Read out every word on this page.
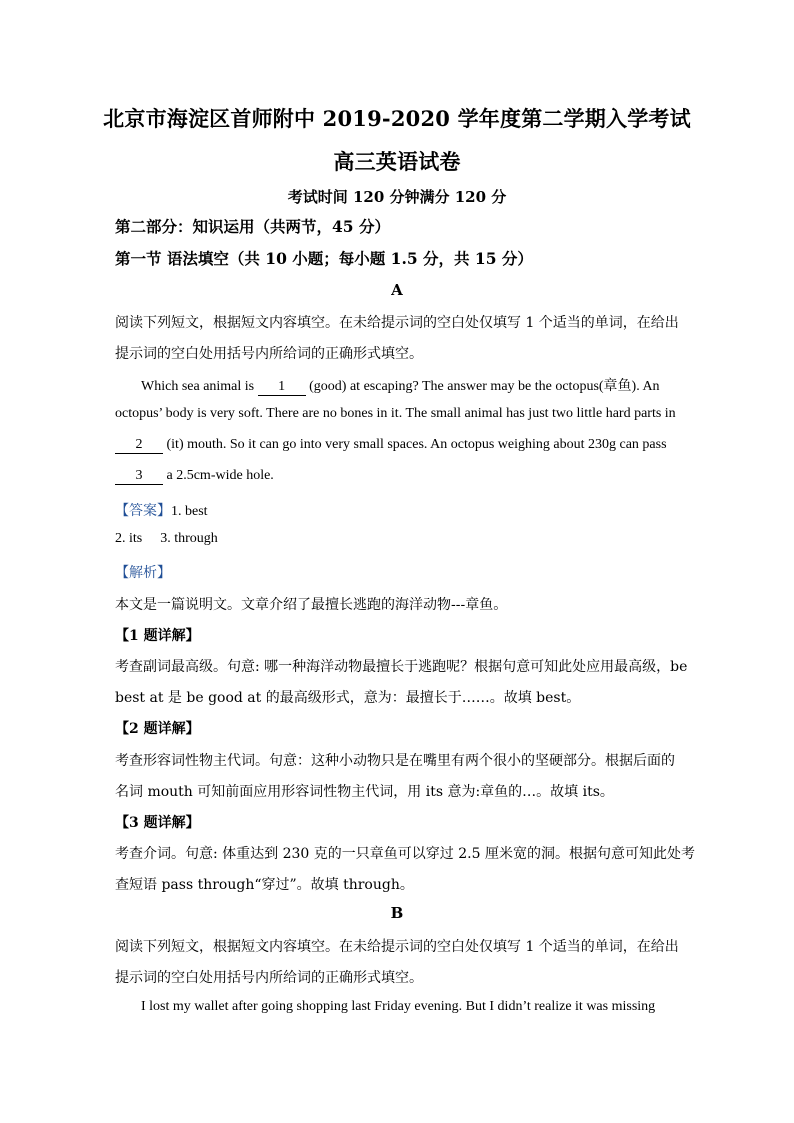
北京市海淀区首师附中 2019-2020 学年度第二学期入学考试
高三英语试卷
考试时间 120 分钟满分 120 分
第二部分：知识运用（共两节，45 分）
第一节 语法填空（共 10 小题；每小题 1.5 分，共 15 分）
A
阅读下列短文，根据短文内容填空。在未给提示词的空白处仅填写 1 个适当的单词，在给出
提示词的空白处用括号内所给词的正确形式填空。
Which sea animal is 1 (good) at escaping? The answer may be the octopus(章鱼). An
octopus’ body is very soft. There are no bones in it. The small animal has just two little hard parts in
2 (it) mouth. So it can go into very small spaces. An octopus weighing about 230g can pass
3 a 2.5cm-wide hole.
【答案】1. best
2. its 3. through
【解析】
本文是一篇说明文。文章介绍了最擅长逃跑的海洋动物---章鱼。
【1 题详解】
考查副词最高级。句意: 哪一种海洋动物最擅长于逃跑呢？根据句意可知此处应用最高级，be
best at 是 be good at 的最高级形式，意为：最擅长于……。故填 best。
【2 题详解】
考查形容词性物主代词。句意：这种小动物只是在嘴里有两个很小的坚硬部分。根据后面的
名词 mouth 可知前面应用形容词性物主代词，用 its 意为:章鱼的…。故填 its。
【3 题详解】
考查介词。句意: 体重达到 230 克的一只章鱼可以穿过 2.5 厘米宽的洞。根据句意可知此处考
查短语 pass through“穿过”。故填 through。
B
阅读下列短文，根据短文内容填空。在未给提示词的空白处仅填写 1 个适当的单词，在给出
提示词的空白处用括号内所给词的正确形式填空。
I lost my wallet after going shopping last Friday evening. But I didn’t realize it was missing
